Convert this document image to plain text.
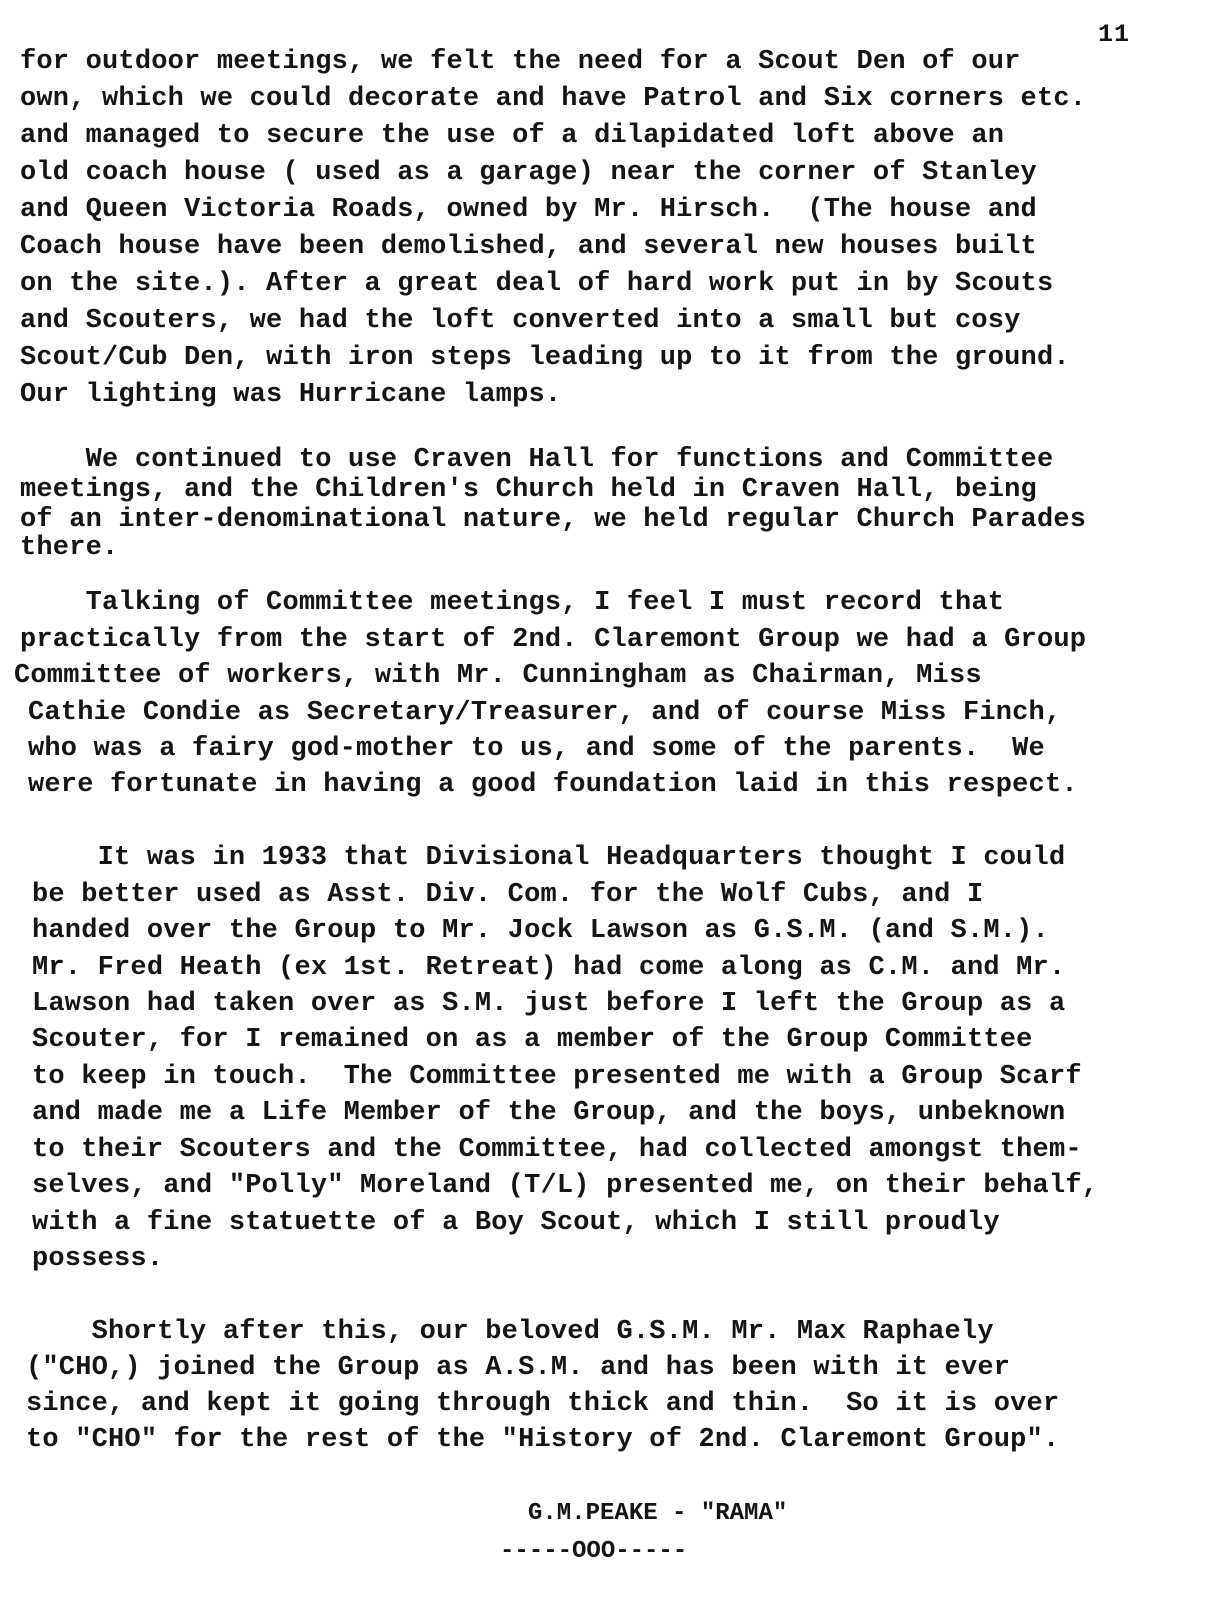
11
for outdoor meetings, we felt the need for a Scout Den of our
own, which we could decorate and have Patrol and Six corners etc.
and managed to secure the use of a dilapidated loft above an
old coach house ( used as a garage) near the corner of Stanley
and Queen Victoria Roads, owned by Mr. Hirsch.  (The house and
Coach house have been demolished, and several new houses built
on the site.). After a great deal of hard work put in by Scouts
and Scouters, we had the loft converted into a small but cosy
Scout/Cub Den, with iron steps leading up to it from the ground.
Our lighting was Hurricane lamps.
We continued to use Craven Hall for functions and Committee
meetings, and the Children's Church held in Craven Hall, being
of an inter-denominational nature, we held regular Church Parades
there.
Talking of Committee meetings, I feel I must record that
practically from the start of 2nd. Claremont Group we had a Group
Committee of workers, with Mr. Cunningham as Chairman, Miss
Cathie Condie as Secretary/Treasurer, and of course Miss Finch,
who was a fairy god-mother to us, and some of the parents.  We
were fortunate in having a good foundation laid in this respect.
It was in 1933 that Divisional Headquarters thought I could
be better used as Asst. Div. Com. for the Wolf Cubs, and I
handed over the Group to Mr. Jock Lawson as G.S.M. (and S.M.).
Mr. Fred Heath (ex 1st. Retreat) had come along as C.M. and Mr.
Lawson had taken over as S.M. just before I left the Group as a
Scouter, for I remained on as a member of the Group Committee
to keep in touch.  The Committee presented me with a Group Scarf
and made me a Life Member of the Group, and the boys, unbeknown
to their Scouters and the Committee, had collected amongst them-
selves, and "Polly" Moreland (T/L) presented me, on their behalf,
with a fine statuette of a Boy Scout, which I still proudly
possess.
Shortly after this, our beloved G.S.M. Mr. Max Raphaely
("CHO,) joined the Group as A.S.M. and has been with it ever
since, and kept it going through thick and thin.  So it is over
to "CHO" for the rest of the "History of 2nd. Claremont Group".
G.M.PEAKE - "RAMA"
-----OOO-----
